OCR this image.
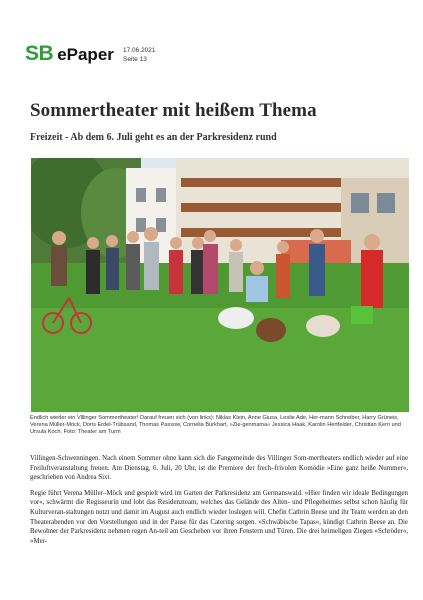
SB ePaper 17.06.2021
Seite 13
Sommertheater mit heißem Thema
Freizeit - Ab dem 6. Juli geht es an der Parkresidenz rund
Endlich wieder ein Villinger Sommertheater! Darauf freuen sich (von links): Niklas Klein, Anne Giusa, Leslie Ade, Her-mann Schreiber, Harry Grüneis, Verena Müller-Möck, Doris Erdel-Trübsand, Thomas Passow, Cornelia Burkhart, »Zie-genmama« Jessica Haak, Karolin Hertfelder, Christian Kern und Ursula Koch. Foto: Theater am Turm

Villingen-Schwenningen. Nach einem Sommer ohne kann sich die Fangemeinde des Villinger Som-mertheaters endlich wieder auf eine Freiluftveranstaltung freuen. Am Dienstag, 6. Juli, 20 Uhr, ist die Premiere der frech–frivolen Komödie »Eine ganz heiße Nummer«, geschrieben von Andrea Sixt.

Regie führt Verena Müller–Möck und gespielt wird im Garten der Parkresidenz am Germanswald. »Hier finden wir ideale Bedingungen vor«, schwärmt die Regisseurin und lobt das Residenzteam, welches das Gelände des Alten- und Pflegeheimes selbst schon häufig für Kulturveran-staltungen nutzt und damit im August auch endlich wieder loslegen will. Chefin Cathrin Beese und ihr Team werden an den Theaterabenden vor den Vorstellungen und in der Pause für das Catering sorgen. »Schwäbische Tapas«, kündigt Cathrin Beese an. Die Bewohner der Parkresidenz nehmen regen An-teil am Geschehen vor ihren Fenstern und Türen. Die drei heimeligen Ziegen »Schröder«, »Mer-
